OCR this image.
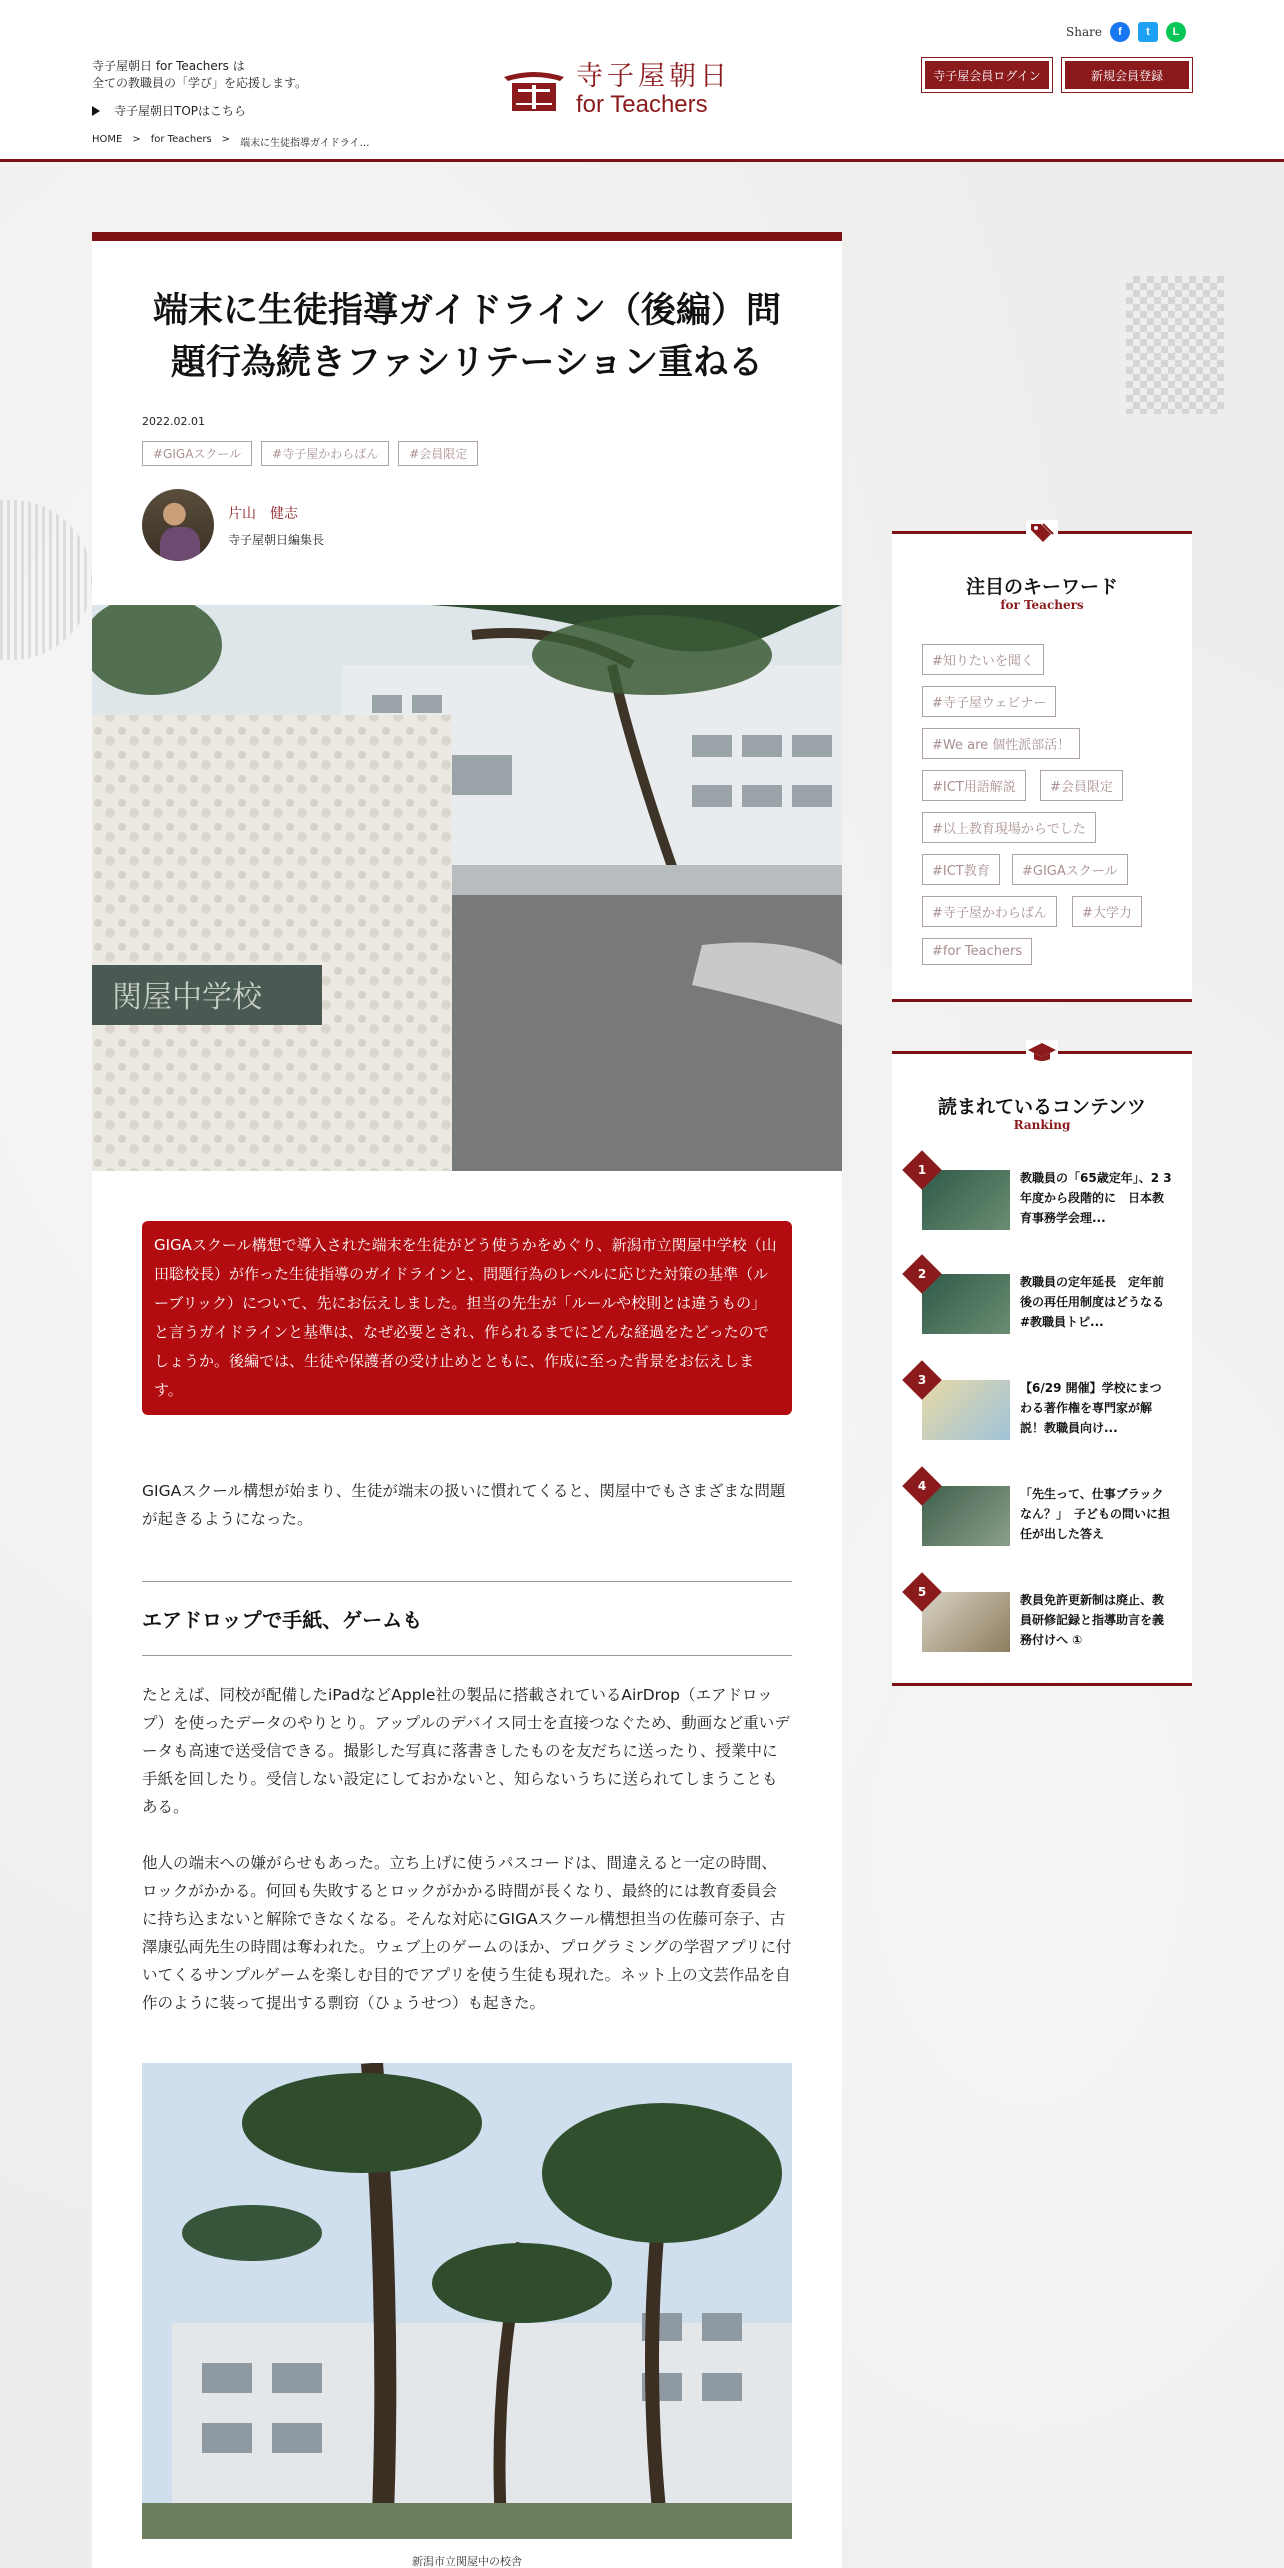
寺子屋朝日 for Teachers は
全ての教職員の「学び」を応援します。
寺子屋朝日TOPはこちら
HOME > for Teachers > 端末に生徒指導ガイドライ…
寺子屋朝日
for Teachers
Share	f	t	L
寺子屋会員ログイン	新規会員登録
端末に生徒指導ガイドライン（後編）問題行為続きファシリテーション重ねる
2022.02.01
#GIGAスクール	#寺子屋かわらばん	#会員限定
片山　健志
寺子屋朝日編集長
関屋中学校
GIGAスクール構想で導入された端末を生徒がどう使うかをめぐり、新潟市立関屋中学校（山田聡校長）が作った生徒指導のガイドラインと、問題行為のレベルに応じた対策の基準（ルーブリック）について、先にお伝えしました。担当の先生が「ルールや校則とは違うもの」と言うガイドラインと基準は、なぜ必要とされ、作られるまでにどんな経過をたどったのでしょうか。後編では、生徒や保護者の受け止めとともに、作成に至った背景をお伝えします。

GIGAスクール構想が始まり、生徒が端末の扱いに慣れてくると、関屋中でもさまざまな問題が起きるようになった。

エアドロップで手紙、ゲームも

たとえば、同校が配備したiPadなどApple社の製品に搭載されているAirDrop（エアドロップ）を使ったデータのやりとり。アップルのデバイス同士を直接つなぐため、動画など重いデータも高速で送受信できる。撮影した写真に落書きしたものを友だちに送ったり、授業中に手紙を回したり。受信しない設定にしておかないと、知らないうちに送られてしまうこともある。

他人の端末への嫌がらせもあった。立ち上げに使うパスコードは、間違えると一定の時間、ロックがかかる。何回も失敗するとロックがかかる時間が長くなり、最終的には教育委員会に持ち込まないと解除できなくなる。そんな対応にGIGAスクール構想担当の佐藤可奈子、古澤康弘両先生の時間は奪われた。ウェブ上のゲームのほか、プログラミングの学習アプリに付いてくるサンプルゲームを楽しむ目的でアプリを使う生徒も現れた。ネット上の文芸作品を自作のように装って提出する剽窃（ひょうせつ）も起きた。

新潟市立関屋中の校舎
注目のキーワード
for Teachers
#知りたいを聞く
#寺子屋ウェビナー
#We are 個性派部活！
#ICT用語解説	#会員限定
#以上教育現場からでした
#ICT教育	#GIGAスクール
#寺子屋かわらばん	#大学力
#for Teachers
読まれているコンテンツ
Ranking
1
教職員の「65歳定年」、2 3年度から段階的に　日本教育事務学会理...
2
教職員の定年延長　定年前後の再任用制度はどうなる　#教職員トピ...
3
【6/29 開催】学校にまつわる著作権を専門家が解説！教職員向け...
4
「先生って、仕事ブラックなん？」　子どもの問いに担任が出した答え
5
教員免許更新制は廃止、教員研修記録と指導助言を義務付けへ ①
